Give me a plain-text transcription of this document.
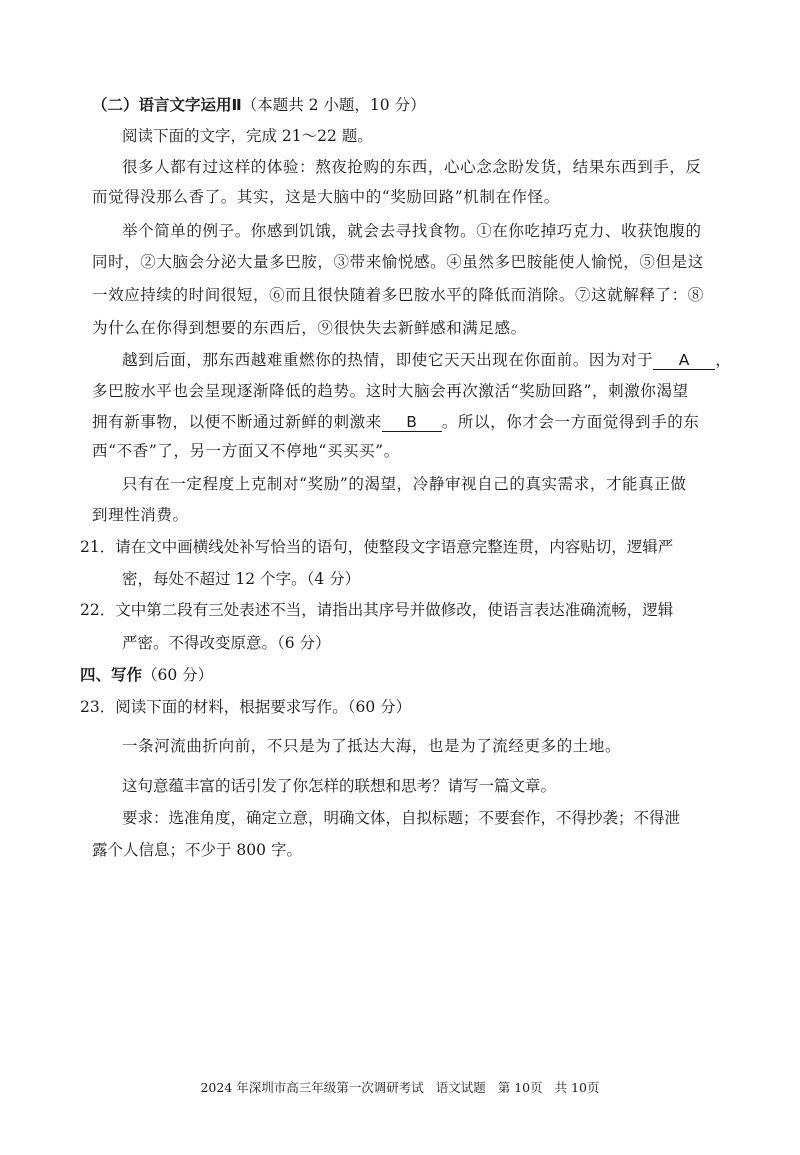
（二）语言文字运用Ⅱ（本题共 2 小题，10 分）
阅读下面的文字，完成 21～22 题。
很多人都有过这样的体验：熬夜抢购的东西，心心念念盼发货，结果东西到手，反
而觉得没那么香了。其实，这是大脑中的“奖励回路”机制在作怪。
举个简单的例子。你感到饥饿，就会去寻找食物。①在你吃掉巧克力、收获饱腹的
同时，②大脑会分泌大量多巴胺，③带来愉悦感。④虽然多巴胺能使人愉悦，⑤但是这
一效应持续的时间很短，⑥而且很快随着多巴胺水平的降低而消除。⑦这就解释了：⑧
为什么在你得到想要的东西后，⑨很快失去新鲜感和满足感。
越到后面，那东西越难重燃你的热情，即使它天天出现在你面前。因为对于 A ，
多巴胺水平也会呈现逐渐降低的趋势。这时大脑会再次激活“奖励回路”，刺激你渴望
拥有新事物，以便不断通过新鲜的刺激来 B 。所以，你才会一方面觉得到手的东
西“不香”了，另一方面又不停地“买买买”。
只有在一定程度上克制对“奖励”的渴望，冷静审视自己的真实需求，才能真正做
到理性消费。
21．请在文中画横线处补写恰当的语句，使整段文字语意完整连贯，内容贴切，逻辑严
密，每处不超过 12 个字。（4 分）
22．文中第二段有三处表述不当，请指出其序号并做修改，使语言表达准确流畅，逻辑
严密。不得改变原意。（6 分）
四、写作（60 分）
23．阅读下面的材料，根据要求写作。（60 分）
一条河流曲折向前，不只是为了抵达大海，也是为了流经更多的土地。
这句意蕴丰富的话引发了你怎样的联想和思考？请写一篇文章。
要求：选准角度，确定立意，明确文体，自拟标题；不要套作，不得抄袭；不得泄
露个人信息；不少于 800 字。
2024 年深圳市高三年级第一次调研考试 语文试题 第 10页 共 10页
